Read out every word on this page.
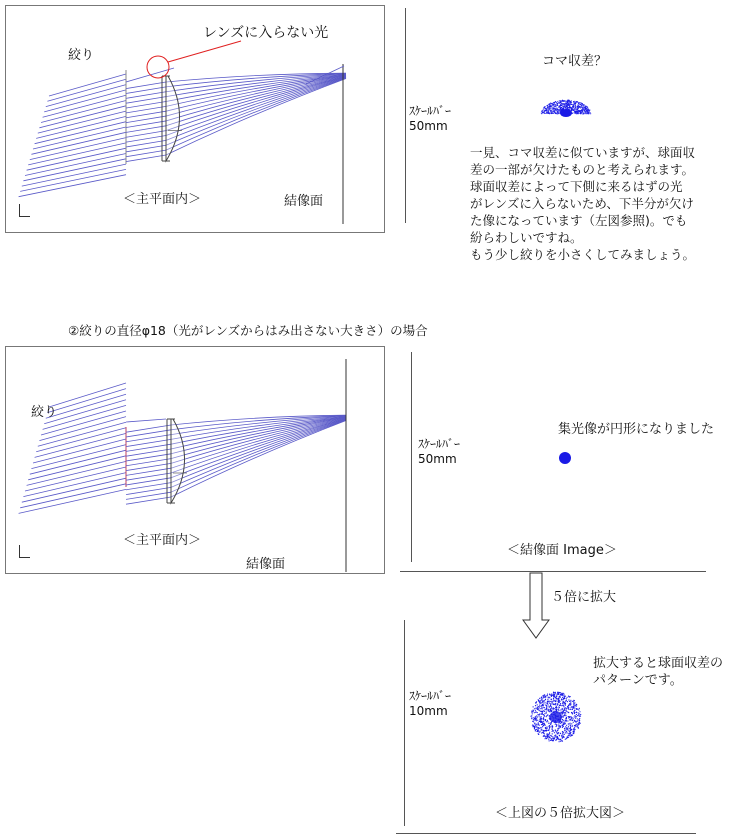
絞り
レンズに入らない光
＜主平面内＞	結像面
ｽｹｰﾙﾊﾞｰ
50mm
コマ収差？
一見、コマ収差に似ていますが、球面収
差の一部が欠けたものと考えられます。
球面収差によって下側に来るはずの光
がレンズに入らないため、下半分が欠け
た像になっています（左図参照)。でも
紛らわしいですね。
もう少し絞りを小さくしてみましょう。
②絞りの直径φ18（光がレンズからはみ出さない大きさ）の場合
絞り
＜主平面内＞
結像面
ｽｹｰﾙﾊﾞｰ
50mm
集光像が円形になりました
＜結像面 Image＞
５倍に拡大
ｽｹｰﾙﾊﾞｰ
10mm
拡大すると球面収差の
パターンです。
＜上図の５倍拡大図＞
